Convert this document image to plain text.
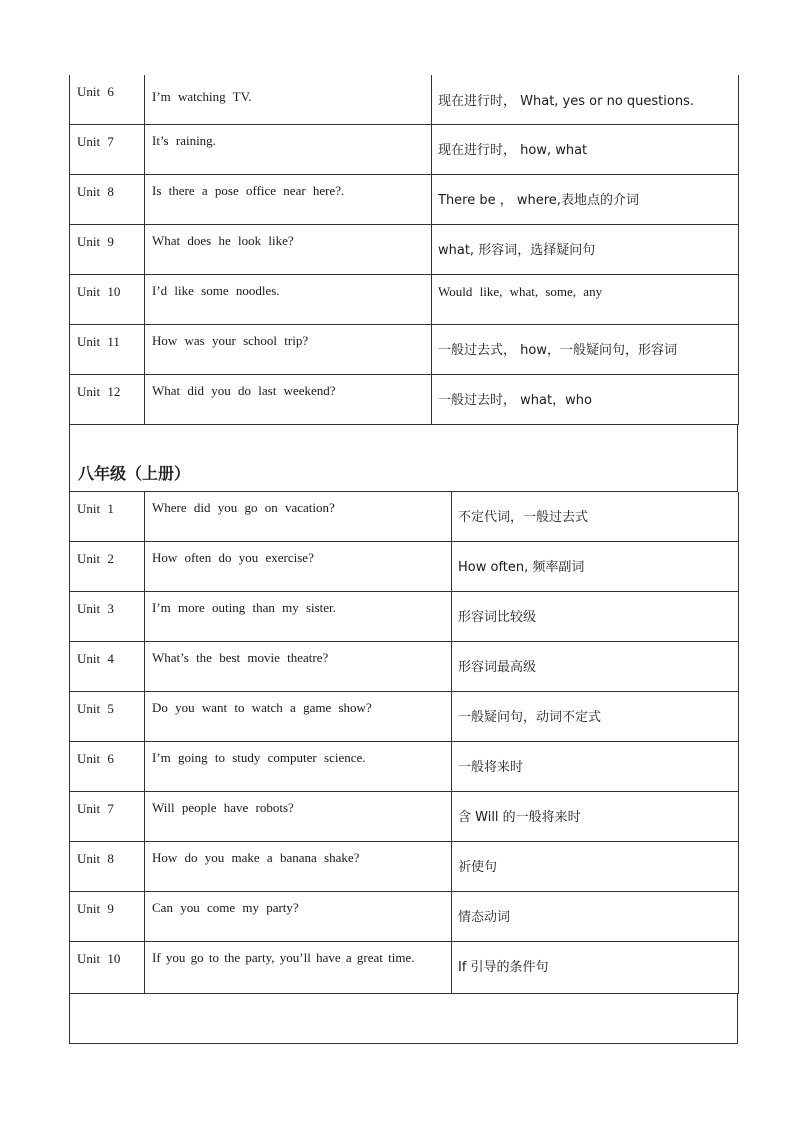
Unit 6	I’m watching TV.	现在进行时， What, yes or no questions.

Unit 7	It’s raining.	现在进行时， how, what

Unit 8	Is there a pose office near here?.	There be ， where,表地点的介词

Unit 9	What does he look like?	what, 形容词，选择疑问句

Unit 10	I’d like some noodles.	Would like, what, some, any

Unit 11	How was your school trip?	一般过去式， how，一般疑问句，形容词

Unit 12	What did you do last weekend?	一般过去时， what，who
八年级（上册）
Unit 1	Where did you go on vacation?	不定代词，一般过去式

Unit 2	How often do you exercise?	How often, 频率副词

Unit 3	I’m more outing than my sister.	形容词比较级

Unit 4	What’s the best movie theatre?	形容词最高级

Unit 5	Do you want to watch a game show?	一般疑问句，动词不定式

Unit 6	I’m going to study computer science.	一般将来时

Unit 7	Will people have robots?	含 Will 的一般将来时

Unit 8	How do you make a banana shake?	祈使句

Unit 9	Can you come my party?	情态动词

Unit 10	If you go to the party, you’ll have a great time.	If 引导的条件句
